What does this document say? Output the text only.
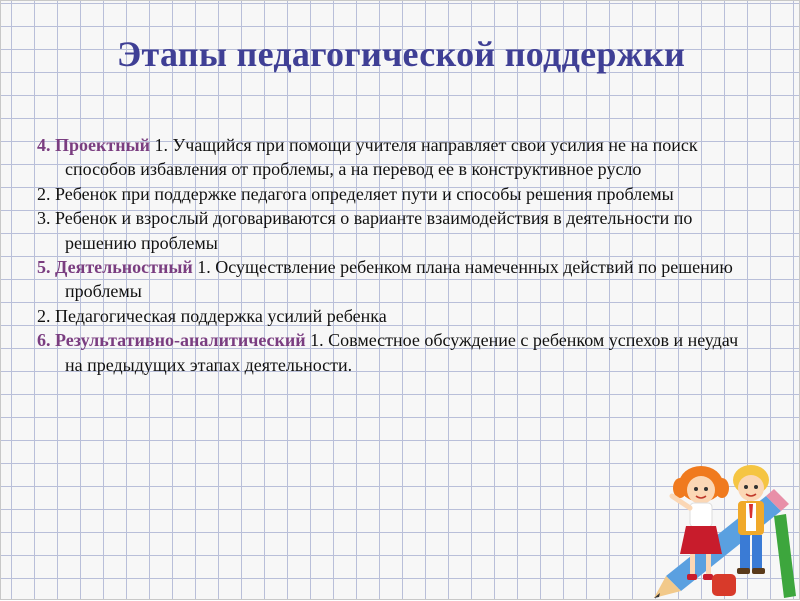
Этапы педагогической поддержки
4. Проектный 1. Учащийся при помощи учителя направляет свои усилия не на поиск способов избавления от проблемы, а на перевод ее в конструктивное русло
2. Ребенок при поддержке педагога определяет пути и способы решения проблемы
3. Ребенок и взрослый договариваются о варианте взаимодействия в деятельности по решению проблемы
5. Деятельностный 1. Осуществление ребенком плана намеченных действий по решению проблемы
2. Педагогическая поддержка усилий ребенка
6. Результативно-аналитический 1. Совместное обсуждение с ребенком успехов и неудач на предыдущих этапах деятельности.
